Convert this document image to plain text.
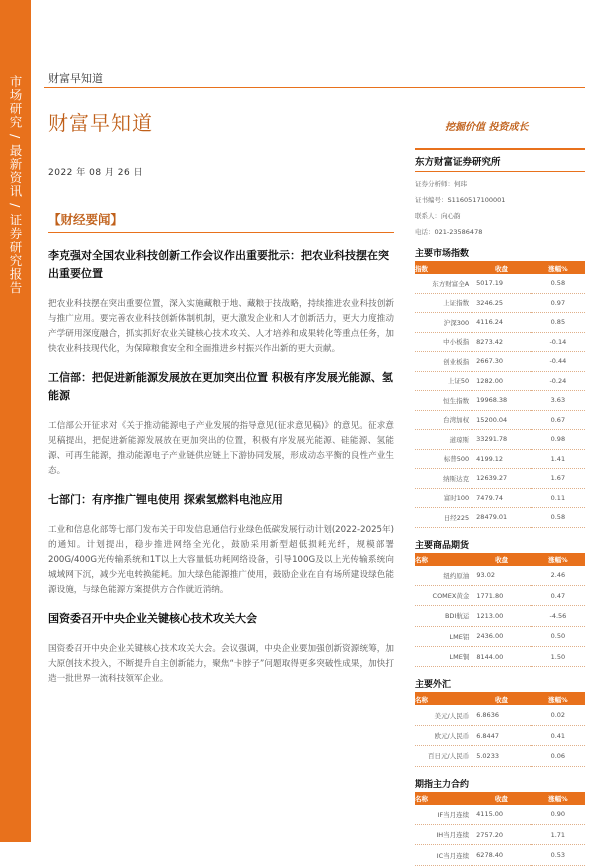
市场研究 / 最新资讯 / 证券研究报告 财富早知道
财富早知道	挖掘价值 投资成长
2022 年 08 月 26 日
【财经要闻】
李克强对全国农业科技创新工作会议作出重要批示：把农业科技摆在突出重要位置
把农业科技摆在突出重要位置，深入实施藏粮于地、藏粮于技战略，持续推进农业科技创新与推广应用。要完善农业科技创新体制机制，更大激发企业和人才创新活力，更大力度推动产学研用深度融合，抓实抓好农业关键核心技术攻关、人才培养和成果转化等重点任务，加快农业科技现代化，为保障粮食安全和全面推进乡村振兴作出新的更大贡献。
工信部：把促进新能源发展放在更加突出位置 积极有序发展光能源、氢能源
工信部公开征求对《关于推动能源电子产业发展的指导意见(征求意见稿)》的意见。征求意见稿提出，把促进新能源发展放在更加突出的位置，积极有序发展光能源、硅能源、氢能源、可再生能源，推动能源电子产业链供应链上下游协同发展，形成动态平衡的良性产业生态。
七部门：有序推广锂电使用 探索氢燃料电池应用
工业和信息化部等七部门发布关于印发信息通信行业绿色低碳发展行动计划(2022-2025年)的通知。计划提出，稳步推进网络全光化，鼓励采用新型超低损耗光纤，规模部署200G/400G光传输系统和1T以上大容量低功耗网络设备，引导100G及以上光传输系统向城域网下沉，减少光电转换能耗。加大绿色能源推广使用，鼓励企业在自有场所建设绿色能源设施，与绿色能源方案提供方合作就近消纳。
国资委召开中央企业关键核心技术攻关大会
国资委召开中央企业关键核心技术攻关大会。会议强调，中央企业要加强创新资源统筹，加大原创技术投入，不断提升自主创新能力，聚焦“卡脖子”问题取得更多突破性成果，加快打造一批世界一流科技领军企业。
东方财富证券研究所
证券分析师：何玮
证书编号：S1160517100001
联系人：向心韵
电话：021-23586478
主要市场指数
指数	收盘	涨幅%
东方财富全A	5017.19	0.58
上证指数	3246.25	0.97
沪深300	4116.24	0.85
中小板指	8273.42	-0.14
创业板指	2667.30	-0.44
上证50	1282.00	-0.24
恒生指数	19968.38	3.63
台湾加权	15200.04	0.67
道琼斯	33291.78	0.98
标普500	4199.12	1.41
纳斯达克	12639.27	1.67
富时100	7479.74	0.11
日经225	28479.01	0.58
主要商品期货
名称	收盘	涨幅%
纽约原油	93.02	2.46
COMEX黄金	1771.80	0.47
BDI航运	1213.00	-4.56
LME铝	2436.00	0.50
LME铜	8144.00	1.50
主要外汇
名称	收盘	涨幅%
美元/人民币	6.8636	0.02
欧元/人民币	6.8447	0.41
百日元/人民币	5.0233	0.06
期指主力合约
名称	收盘	涨幅%
IF当月连续	4115.00	0.90
IH当月连续	2757.20	1.71
IC当月连续	6278.40	0.53
